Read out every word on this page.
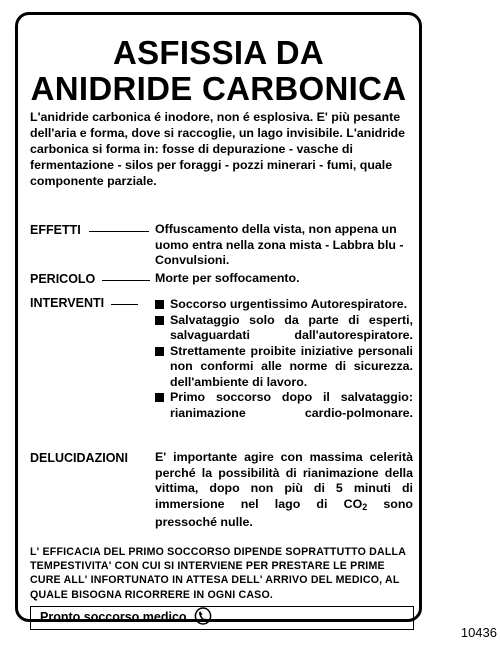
ASFISSIA DA
ANIDRIDE CARBONICA
L'anidride carbonica é inodore, non é esplosiva. E' più pesante dell'aria e forma, dove si raccoglie, un lago invisibile. L'anidride carbonica si forma in: fosse di depurazione - vasche di fermentazione - silos per foraggi - pozzi minerari - fumi, quale componente parziale.
EFFETTI	Offuscamento della vista, non appena un uomo entra nella zona mista - Labbra blu - Convulsioni.
PERICOLO	Morte per soffocamento.
INTERVENTI	Soccorso urgentissimo Autorespiratore.
Salvataggio solo da parte di esperti, salvaguardati dall'autorespiratore.
Strettamente proibite iniziative personali non conformi alle norme di sicurezza. dell'ambiente di lavoro.
Primo soccorso dopo il salvataggio: rianimazione cardio-polmonare.
DELUCIDAZIONI E' importante agire con massima celerità perché la possibilità di rianimazione della vittima, dopo non più di 5 minuti di immersione nel lago di $CO_2$ sono pressoché nulle.
L' EFFICACIA DEL PRIMO SOCCORSO DIPENDE SOPRATTUTTO DALLA TEMPESTIVITA' CON CUI SI INTERVIENE PER PRESTARE LE PRIME CURE ALL' INFORTUNATO IN ATTESA DELL' ARRIVO DEL MEDICO, AL QUALE BISOGNA RICORRERE IN OGNI CASO.
Pronto soccorso medico
10436
